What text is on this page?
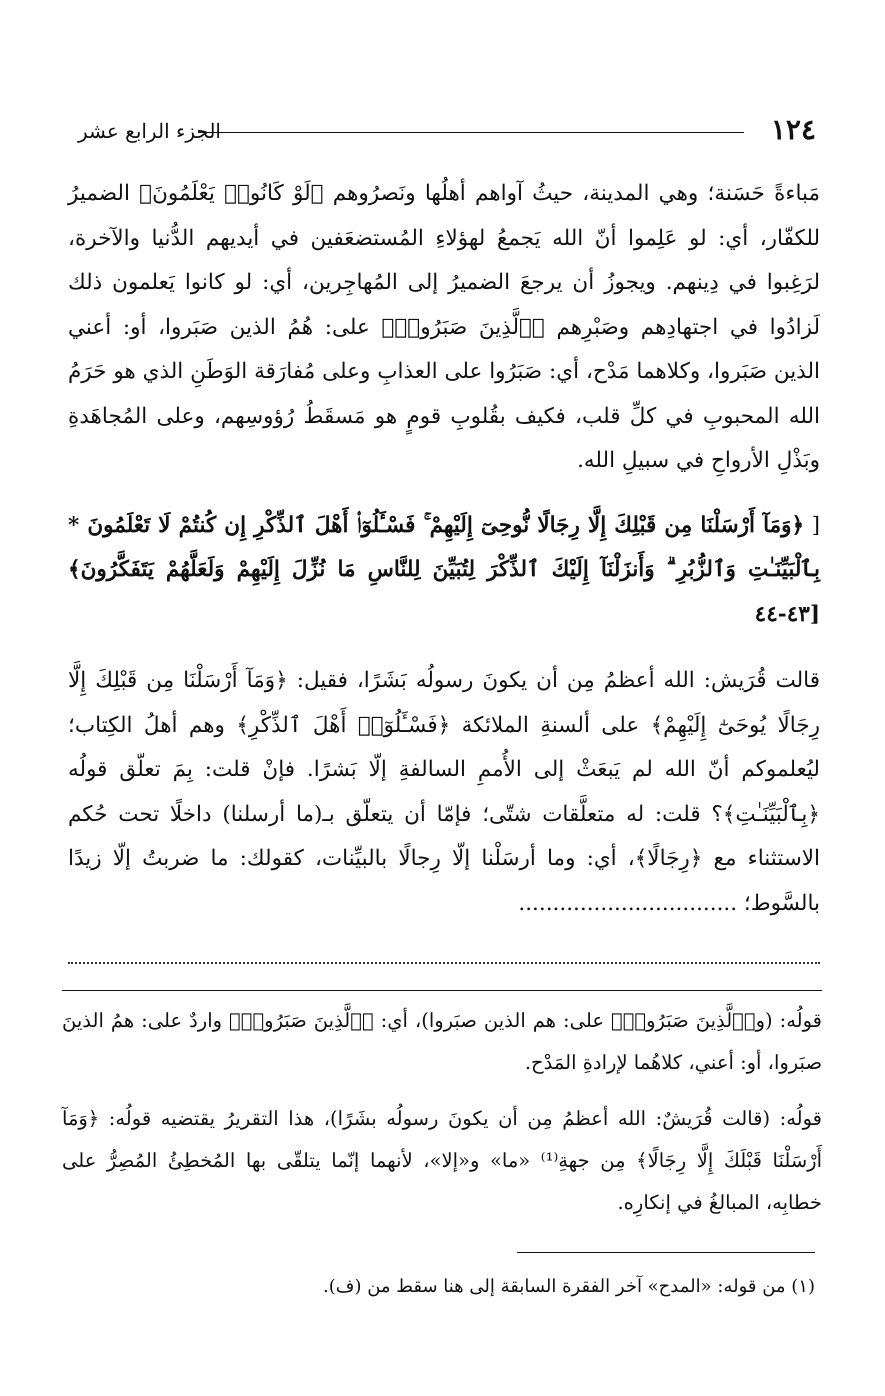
١٢٤
الجزء الرابع عشر

مَباءةً حَسَنة؛ وهي المدينة، حيثُ آواهم أهلُها ونَصرُوهم ﴿لَوْ كَانُوا۟ يَعْلَمُونَ﴾ الضميرُ للكفّار، أي: لو عَلِموا أنّ الله يَجمعُ لهؤلاءِ المُستضعَفين في أيديهم الدُّنيا والآخرة، لرَغِبوا في دِينهم. ويجوزُ أن يرجعَ الضميرُ إلى المُهاجِرين، أي: لو كانوا يَعلمون ذلك لَزادُوا في اجتهادِهم وصَبْرِهم ﴿ٱلَّذِينَ صَبَرُوا۟﴾ على: هُمُ الذين صَبَروا، أو: أعني الذين صَبَروا، وكلاهما مَدْح، أي: صَبَرُوا على العذابِ وعلى مُفارَقة الوَطَنِ الذي هو حَرَمُ الله المحبوبِ في كلِّ قلب، فكيف بقُلوبِ قومٍ هو مَسقَطُ رُؤوسِهم، وعلى المُجاهَدةِ وبَذْلِ الأرواحِ في سبيلِ الله.

[ ﴿وَمَآ أَرْسَلْنَا مِن قَبْلِكَ إِلَّا رِجَالًا نُّوحِىٓ إِلَيْهِمْ ۚ فَسْـَٔلُوٓا۟ أَهْلَ ٱلذِّكْرِ إِن كُنتُمْ لَا تَعْلَمُونَ * بِٱلْبَيِّنَـٰتِ وَٱلزُّبُرِ ۗ وَأَنزَلْنَآ إِلَيْكَ ٱلذِّكْرَ لِتُبَيِّنَ لِلنَّاسِ مَا نُزِّلَ إِلَيْهِمْ وَلَعَلَّهُمْ يَتَفَكَّرُونَ﴾ [٤٣-٤٤

قالت قُرَيش: الله أعظمُ مِن أن يكونَ رسولُه بَشَرًا، فقيل: ﴿وَمَآ أَرْسَلْنَا مِن قَبْلِكَ إِلَّا رِجَالًا يُوحَىٰٓ إِلَيْهِمْ﴾ على ألسنةِ الملائكة ﴿فَسْـَٔلُوٓا۟ أَهْلَ ٱلذِّكْرِ﴾ وهم أهلُ الكِتاب؛ ليُعلموكم أنّ الله لم يَبعَثْ إلى الأُممِ السالفةِ إلّا بَشرًا. فإنْ قلت: بِمَ تعلّق قولُه ﴿بِٱلْبَيِّنَـٰتِ﴾؟ قلت: له متعلَّقات شتّى؛ فإمّا أن يتعلّق بـ(ما أرسلنا) داخلًا تحت حُكم الاستثناء مع ﴿رِجَالًا﴾، أي: وما أرسَلْنا إلّا رِجالًا بالبيِّنات، كقولك: ما ضربتُ إلّا زيدًا بالسَّوط؛ ................................

قولُه: (و﴿ٱلَّذِينَ صَبَرُوا۟﴾ على: هم الذين صبَروا)، أي: ﴿ٱلَّذِينَ صَبَرُوا۟﴾ واردٌ على: همُ الذينَ صبَروا، أو: أعني، كلاهُما لإرادةِ المَدْح.

قولُه: (قالت قُرَيشٌ: الله أعظمُ مِن أن يكونَ رسولُه بشَرًا)، هذا التقريرُ يقتضيه قولُه: ﴿وَمَآ أَرْسَلْنَا قَبْلَكَ إِلَّا رِجَالًا﴾ مِن جهةِ⁽¹⁾ «ما» و«إلا»، لأنهما إنّما يتلقّى بها المُخطِئُ المُصِرُّ على خطابِه، المبالغُ في إنكارِه.

(١) من قوله: «المدح» آخر الفقرة السابقة إلى هنا سقط من (ف).
